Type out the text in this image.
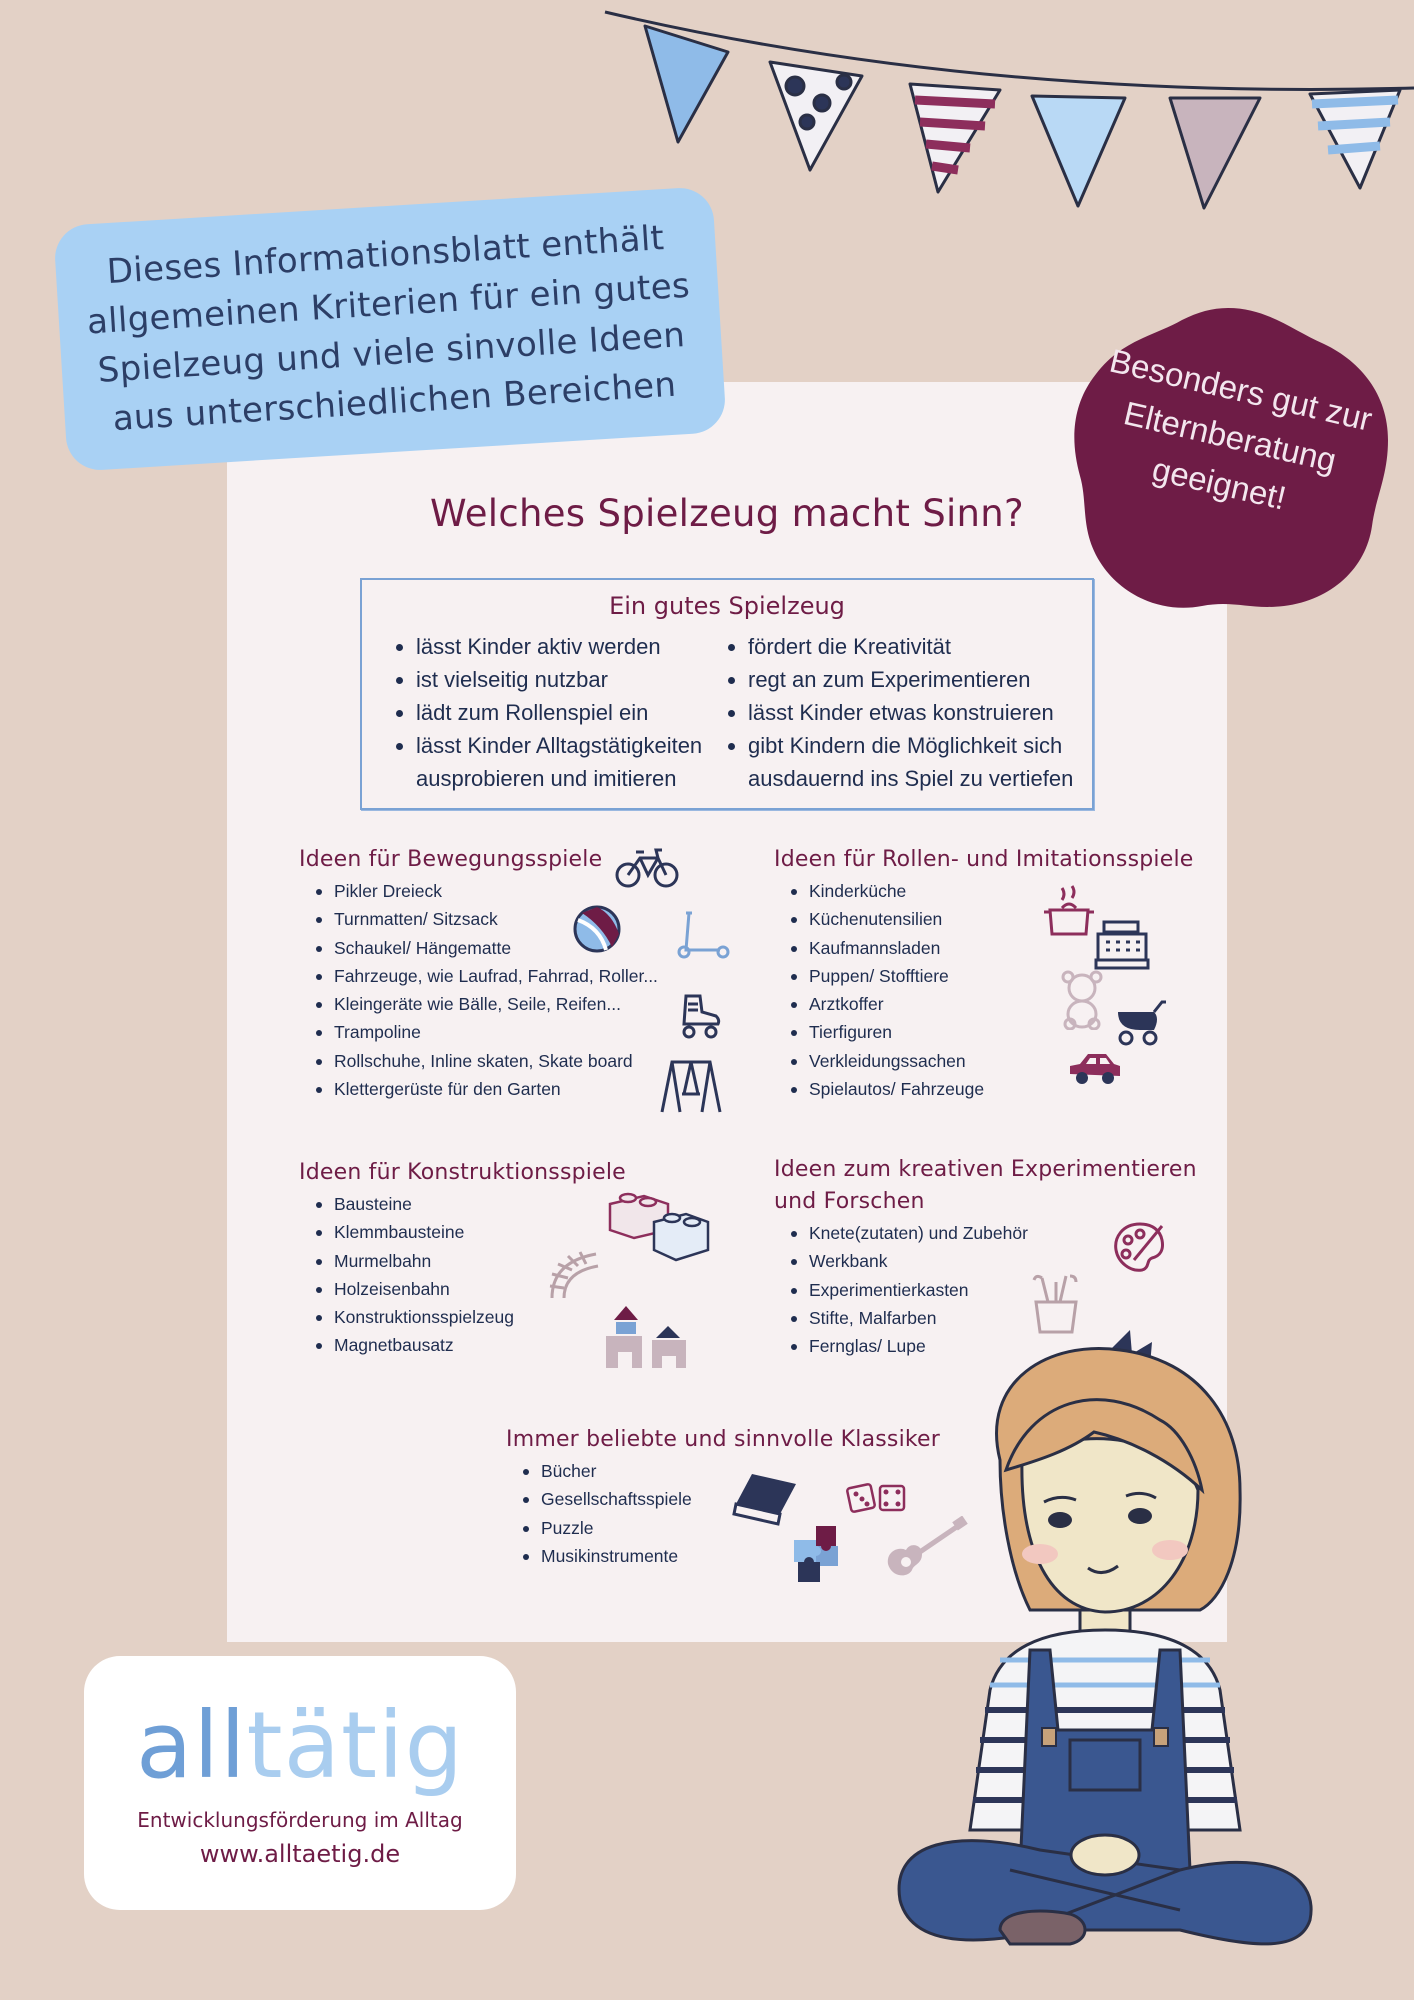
Dieses Informationsblatt enthält
allgemeinen Kriterien für ein gutes
Spielzeug und viele sinvolle Ideen
aus unterschiedlichen Bereichen	Besonders gut zur
Elternberatung
geeignet!
Welches Spielzeug macht Sinn?
Ein gutes Spielzeug
lässt Kinder aktiv werden
ist vielseitig nutzbar
lädt zum Rollenspiel ein
lässt Kinder Alltagstätigkeiten
ausprobieren und imitieren
fördert die Kreativität
regt an zum Experimentieren
lässt Kinder etwas konstruieren
gibt Kindern die Möglichkeit sich
ausdauernd ins Spiel zu vertiefen
Ideen für Bewegungsspiele
Pikler Dreieck
Turnmatten/ Sitzsack
Schaukel/ Hängematte
Fahrzeuge, wie Laufrad, Fahrrad, Roller...
Kleingeräte wie Bälle, Seile, Reifen...
Trampoline
Rollschuhe, Inline skaten, Skate board
Klettergerüste für den Garten
Ideen für Rollen- und Imitationsspiele
Kinderküche
Küchenutensilien
Kaufmannsladen
Puppen/ Stofftiere
Arztkoffer
Tierfiguren
Verkleidungssachen
Spielautos/ Fahrzeuge
Ideen für Konstruktionsspiele
Bausteine
Klemmbausteine
Murmelbahn
Holzeisenbahn
Konstruktionsspielzeug
Magnetbausatz
Ideen zum kreativen Experimentieren
und Forschen
Knete(zutaten) und Zubehör
Werkbank
Experimentierkasten
Stifte, Malfarben
Fernglas/ Lupe
Immer beliebte und sinnvolle Klassiker
Bücher
Gesellschaftsspiele
Puzzle
Musikinstrumente
alltätig
Entwicklungsförderung im Alltag
www.alltaetig.de
